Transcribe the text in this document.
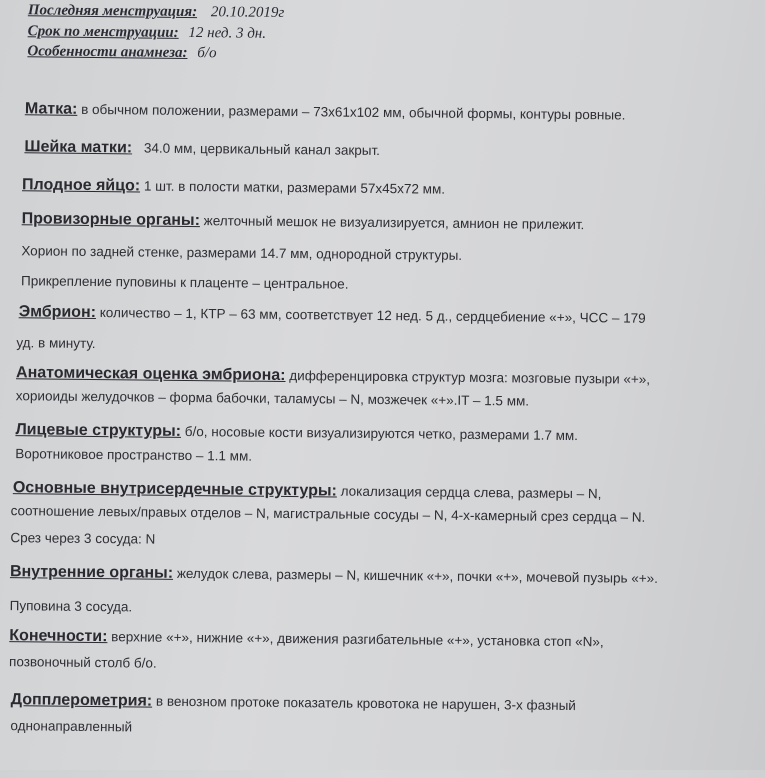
Последняя менструация: 20.10.2019г
Срок по менструации: 12 нед. 3 дн.
Особенности анамнеза: б/о
Матка: в обычном положении, размерами – 73x61x102 мм, обычной формы, контуры ровные.
Шейка матки: 34.0 мм, цервикальный канал закрыт.
Плодное яйцо: 1 шт. в полости матки, размерами 57x45x72 мм.
Провизорные органы: желточный мешок не визуализируется, амнион не прилежит.
Хорион по задней стенке, размерами 14.7 мм, однородной структуры.
Прикрепление пуповины к плаценте – центральное.
Эмбрион: количество – 1, КТР – 63 мм, соответствует 12 нед. 5 д., сердцебиение «+», ЧСС – 179
уд. в минуту.
Анатомическая оценка эмбриона: дифференцировка структур мозга: мозговые пузыри «+»,
хориоиды желудочков – форма бабочки, таламусы – N, мозжечек «+».IT – 1.5 мм.
Лицевые структуры: б/о, носовые кости визуализируются четко, размерами 1.7 мм.
Воротниковое пространство – 1.1 мм.
Основные внутрисердечные структуры: локализация сердца слева, размеры – N,
соотношение левых/правых отделов – N, магистральные сосуды – N, 4-х-камерный срез сердца – N.
Срез через 3 сосуда: N
Внутренние органы: желудок слева, размеры – N, кишечник «+», почки «+», мочевой пузырь «+».
Пуповина 3 сосуда.
Конечности: верхние «+», нижние «+», движения разгибательные «+», установка стоп «N»,
позвоночный столб б/о.
Допплерометрия: в венозном протоке показатель кровотока не нарушен, 3-х фазный
однонаправленный
